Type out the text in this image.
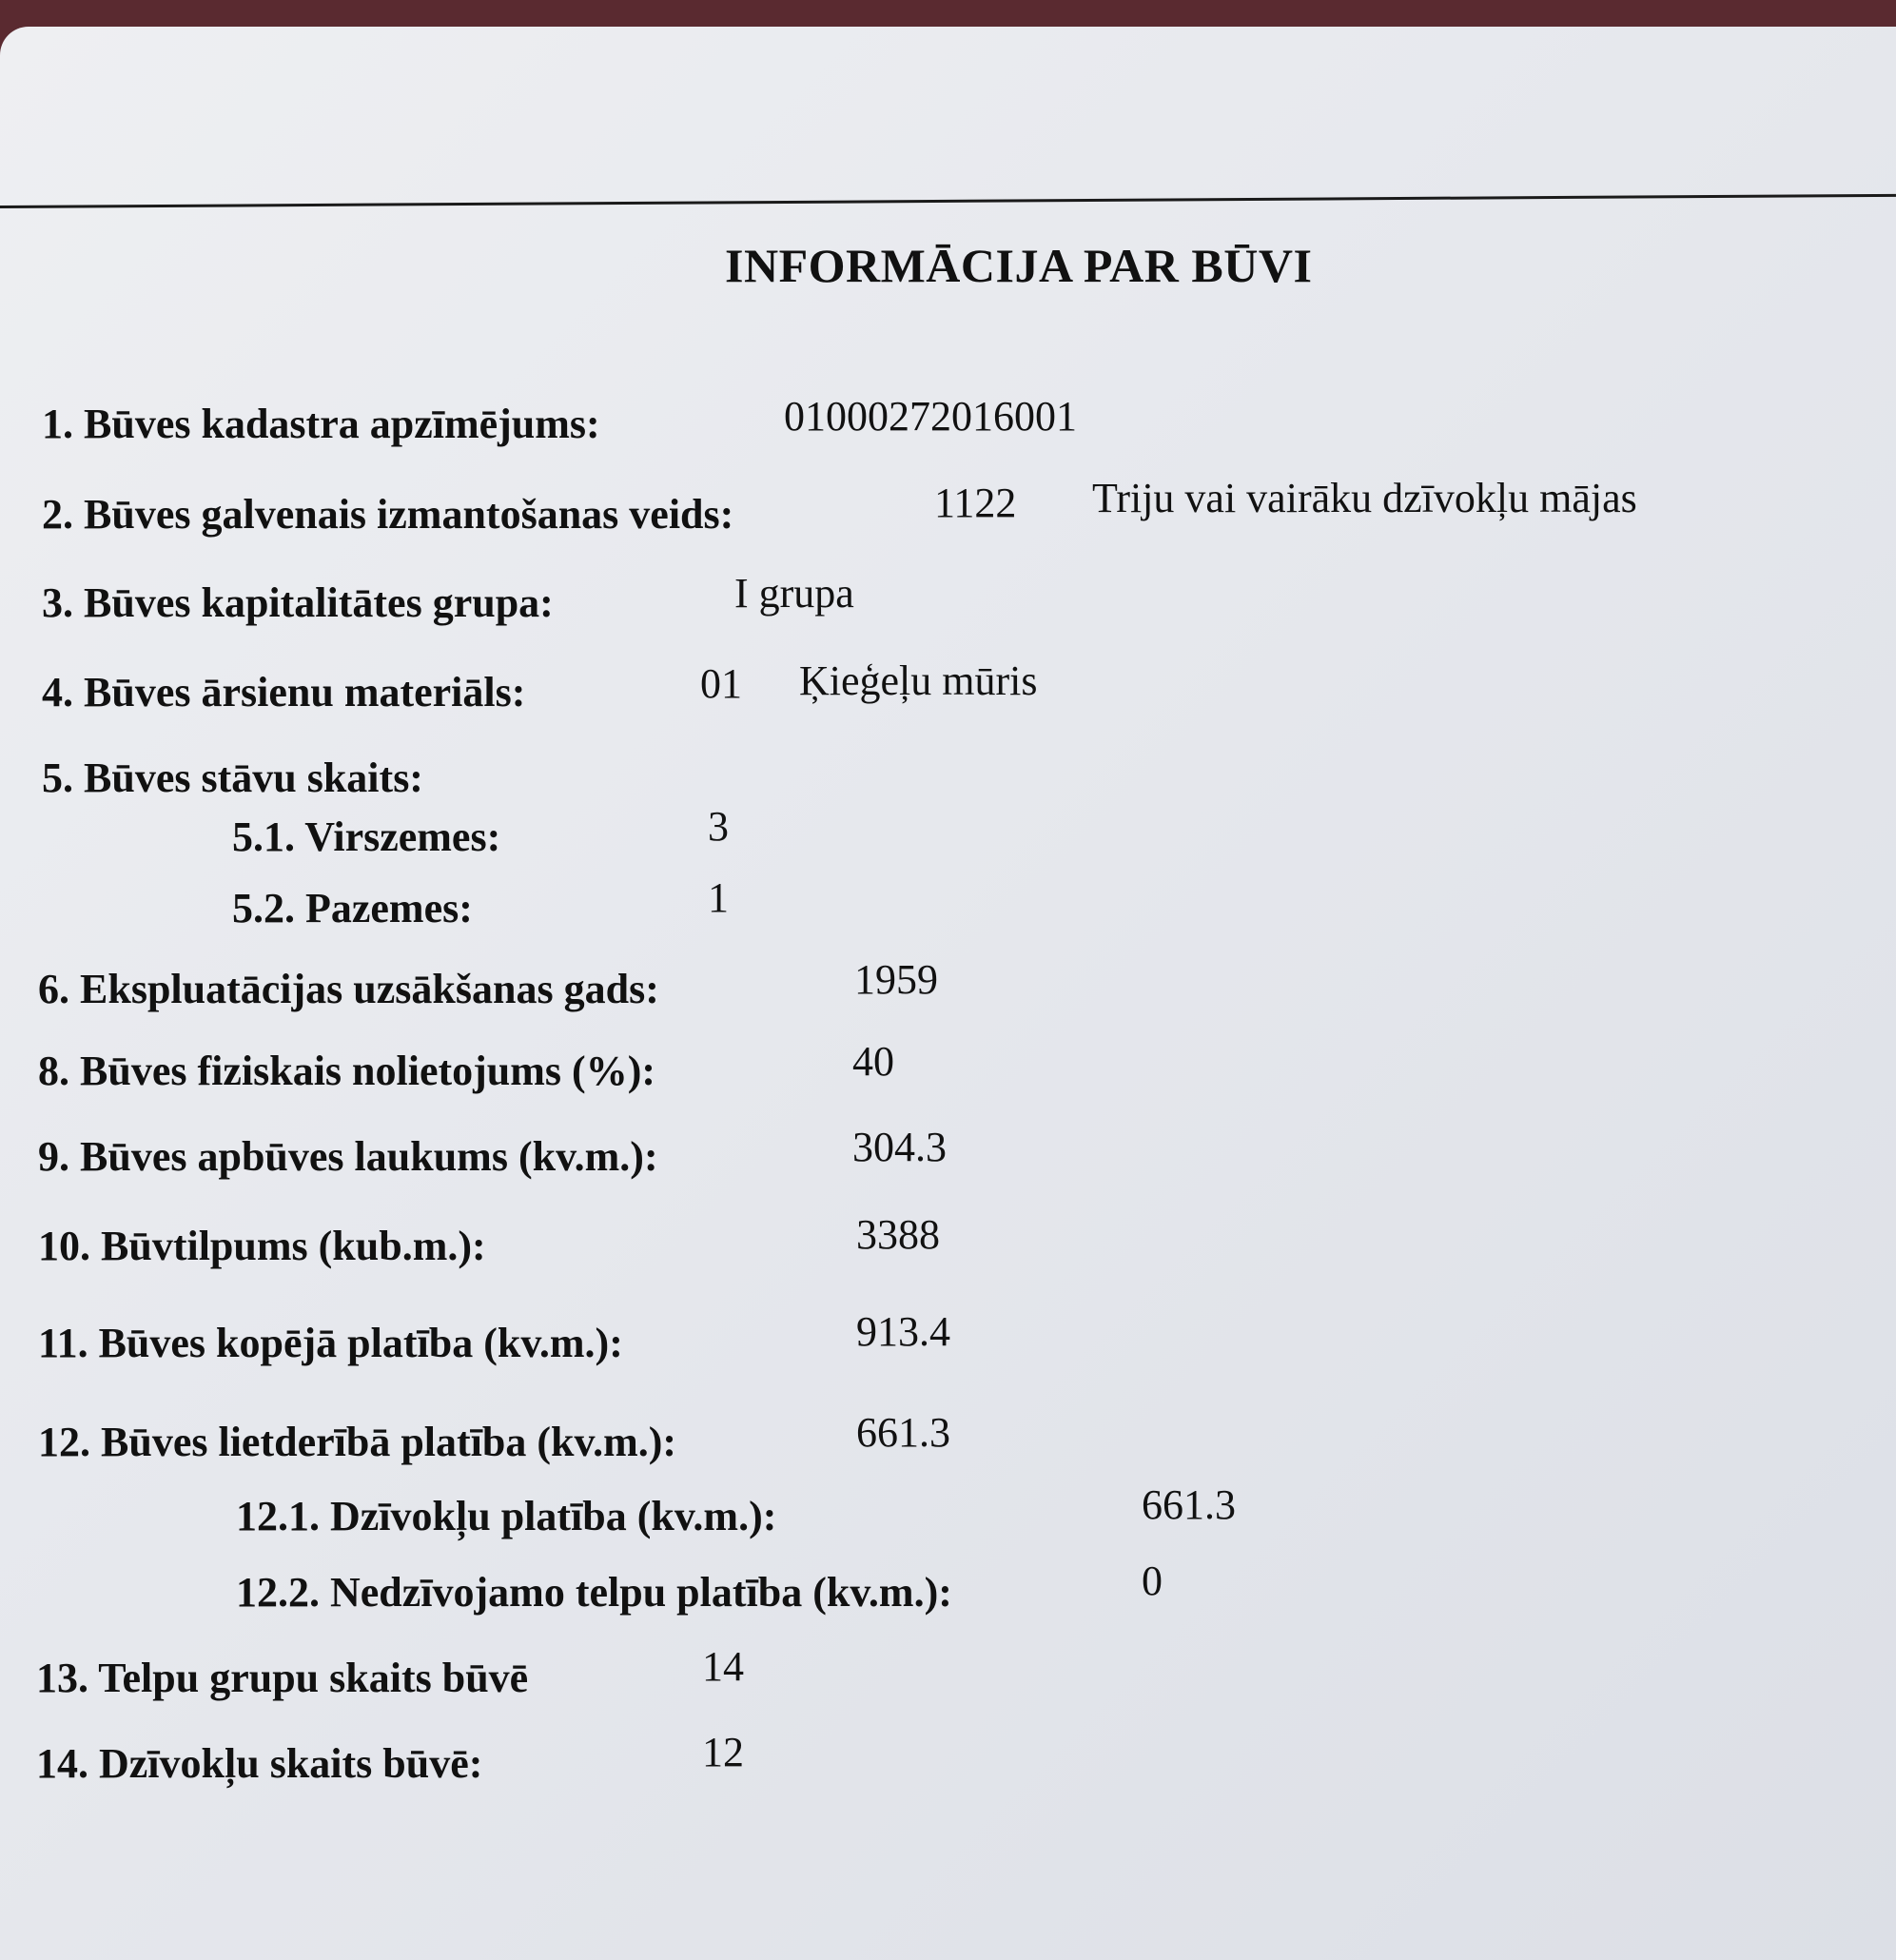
INFORMĀCIJA PAR BŪVI
1. Būves kadastra apzīmējums:	01000272016001
2. Būves galvenais izmantošanas veids:	1122 Triju vai vairāku dzīvokļu mājas
3. Būves kapitalitātes grupa:	I grupa
4. Būves ārsienu materiāls:	01 Ķieģeļu mūris
5. Būves stāvu skaits:
5.1. Virszemes:	3
5.2. Pazemes:	1
6. Ekspluatācijas uzsākšanas gads:	1959
8. Būves fiziskais nolietojums (%):	40
9. Būves apbūves laukums (kv.m.):	304.3
10. Būvtilpums (kub.m.):	3388
11. Būves kopējā platība (kv.m.):	913.4
12. Būves lietderībā platība (kv.m.):	661.3
12.1. Dzīvokļu platība (kv.m.):	661.3
12.2. Nedzīvojamo telpu platība (kv.m.):	0
13. Telpu grupu skaits būvē	14
14. Dzīvokļu skaits būvē:	12
